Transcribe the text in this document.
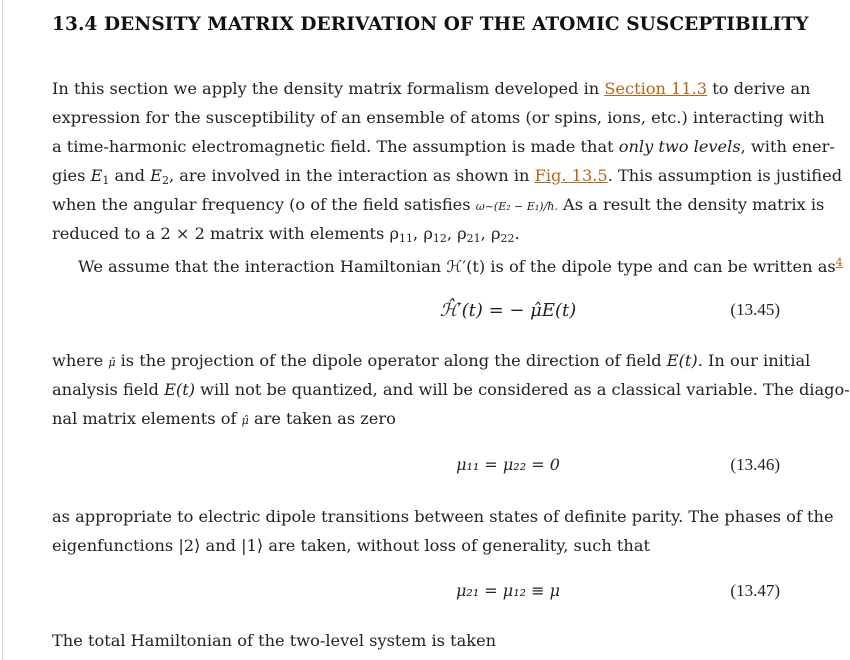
13.4 DENSITY MATRIX DERIVATION OF THE ATOMIC SUSCEPTIBILITY
In this section we apply the density matrix formalism developed in Section 11.3 to derive an
expression for the susceptibility of an ensemble of atoms (or spins, ions, etc.) interacting with
a time-harmonic electromagnetic field. The assumption is made that only two levels, with ener-
gies $E_1$ and $E_2$, are involved in the interaction as shown in Fig. 13.5. This assumption is justified
when the angular frequency (o of the field satisfies ω~(E₂ − E₁)/ħ. As a result the density matrix is
reduced to a 2 × 2 matrix with elements $\rho_{11}$, $\rho_{12}$, $\rho_{21}$, $\rho_{22}$.
We assume that the interaction Hamiltonian ℋ′(t) is of the dipole type and can be written as$^4$
ℋ̂′(t) = − μ̂E(t)	(13.45)
where μ̂ is the projection of the dipole operator along the direction of field E(t). In our initial
analysis field E(t) will not be quantized, and will be considered as a classical variable. The diago-
nal matrix elements of μ̂ are taken as zero
μ₁₁ = μ₂₂ = 0	(13.46)
as appropriate to electric dipole transitions between states of definite parity. The phases of the
eigenfunctions |2⟩ and |1⟩ are taken, without loss of generality, such that
μ₂₁ = μ₁₂ ≡ μ	(13.47)
The total Hamiltonian of the two-level system is taken
